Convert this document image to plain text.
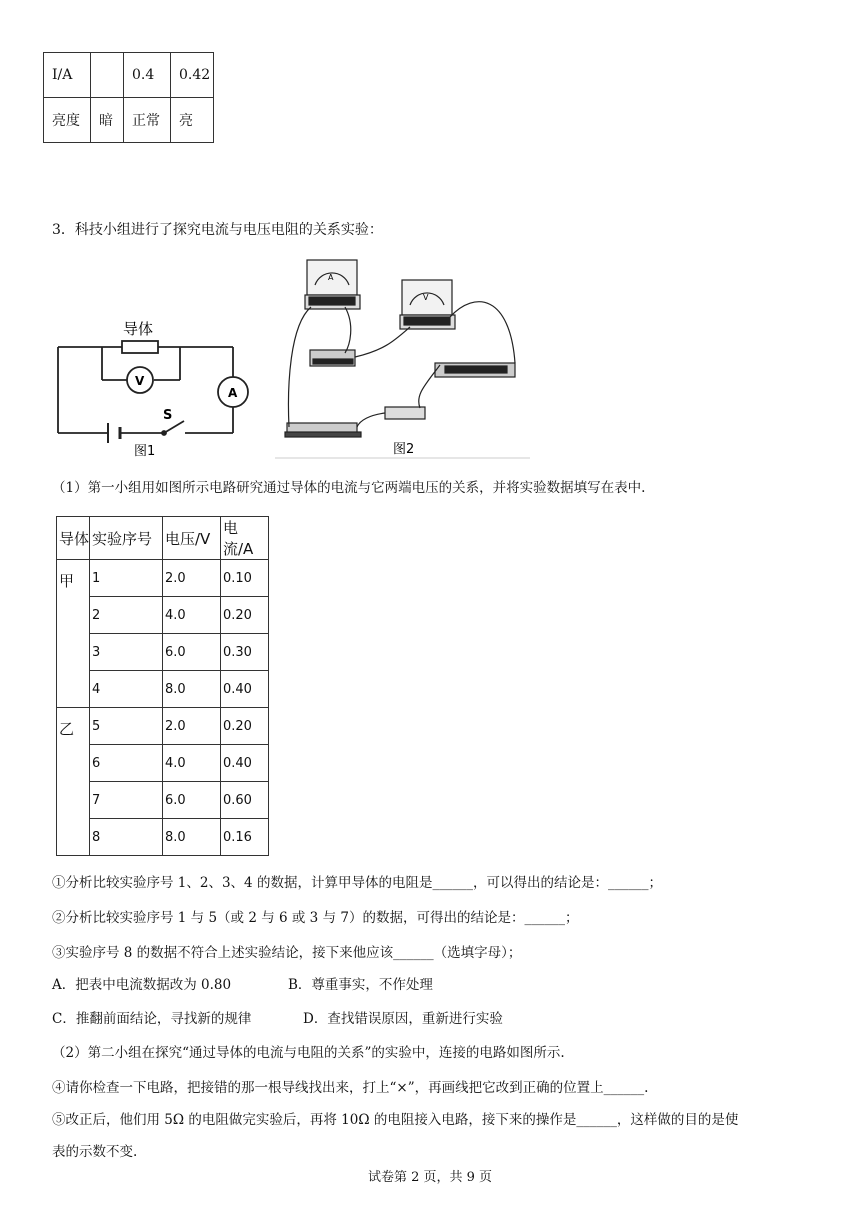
I/A		0.4	0.42
亮度	暗	正常	亮
3．科技小组进行了探究电流与电压电阻的关系实验：
导体
V
A
S
图1
A
V
图2
（1）第一小组用如图所示电路研究通过导体的电流与它两端电压的关系，并将实验数据填写在表中.
导体	实验序号	电压/V	电流/A
甲	1	2.0	0.10
	2	4.0	0.20
	3	6.0	0.30
	4	8.0	0.40
乙	5	2.0	0.20
	6	4.0	0.40
	7	6.0	0.60
	8	8.0	0.16
①分析比较实验序号 1、2、3、4 的数据，计算甲导体的电阻是______，可以得出的结论是：______；
②分析比较实验序号 1 与 5（或 2 与 6 或 3 与 7）的数据，可得出的结论是：______；
③实验序号 8 的数据不符合上述实验结论，接下来他应该______（选填字母）；
A．把表中电流数据改为 0.80	B．尊重事实，不作处理
C．推翻前面结论，寻找新的规律	D．查找错误原因，重新进行实验
（2）第二小组在探究“通过导体的电流与电阻的关系”的实验中，连接的电路如图所示.
④请你检查一下电路，把接错的那一根导线找出来，打上“×”，再画线把它改到正确的位置上______.
⑤改正后，他们用 5Ω 的电阻做完实验后，再将 10Ω 的电阻接入电路，接下来的操作是______，这样做的目的是使
表的示数不变.
试卷第 2 页，共 9 页
